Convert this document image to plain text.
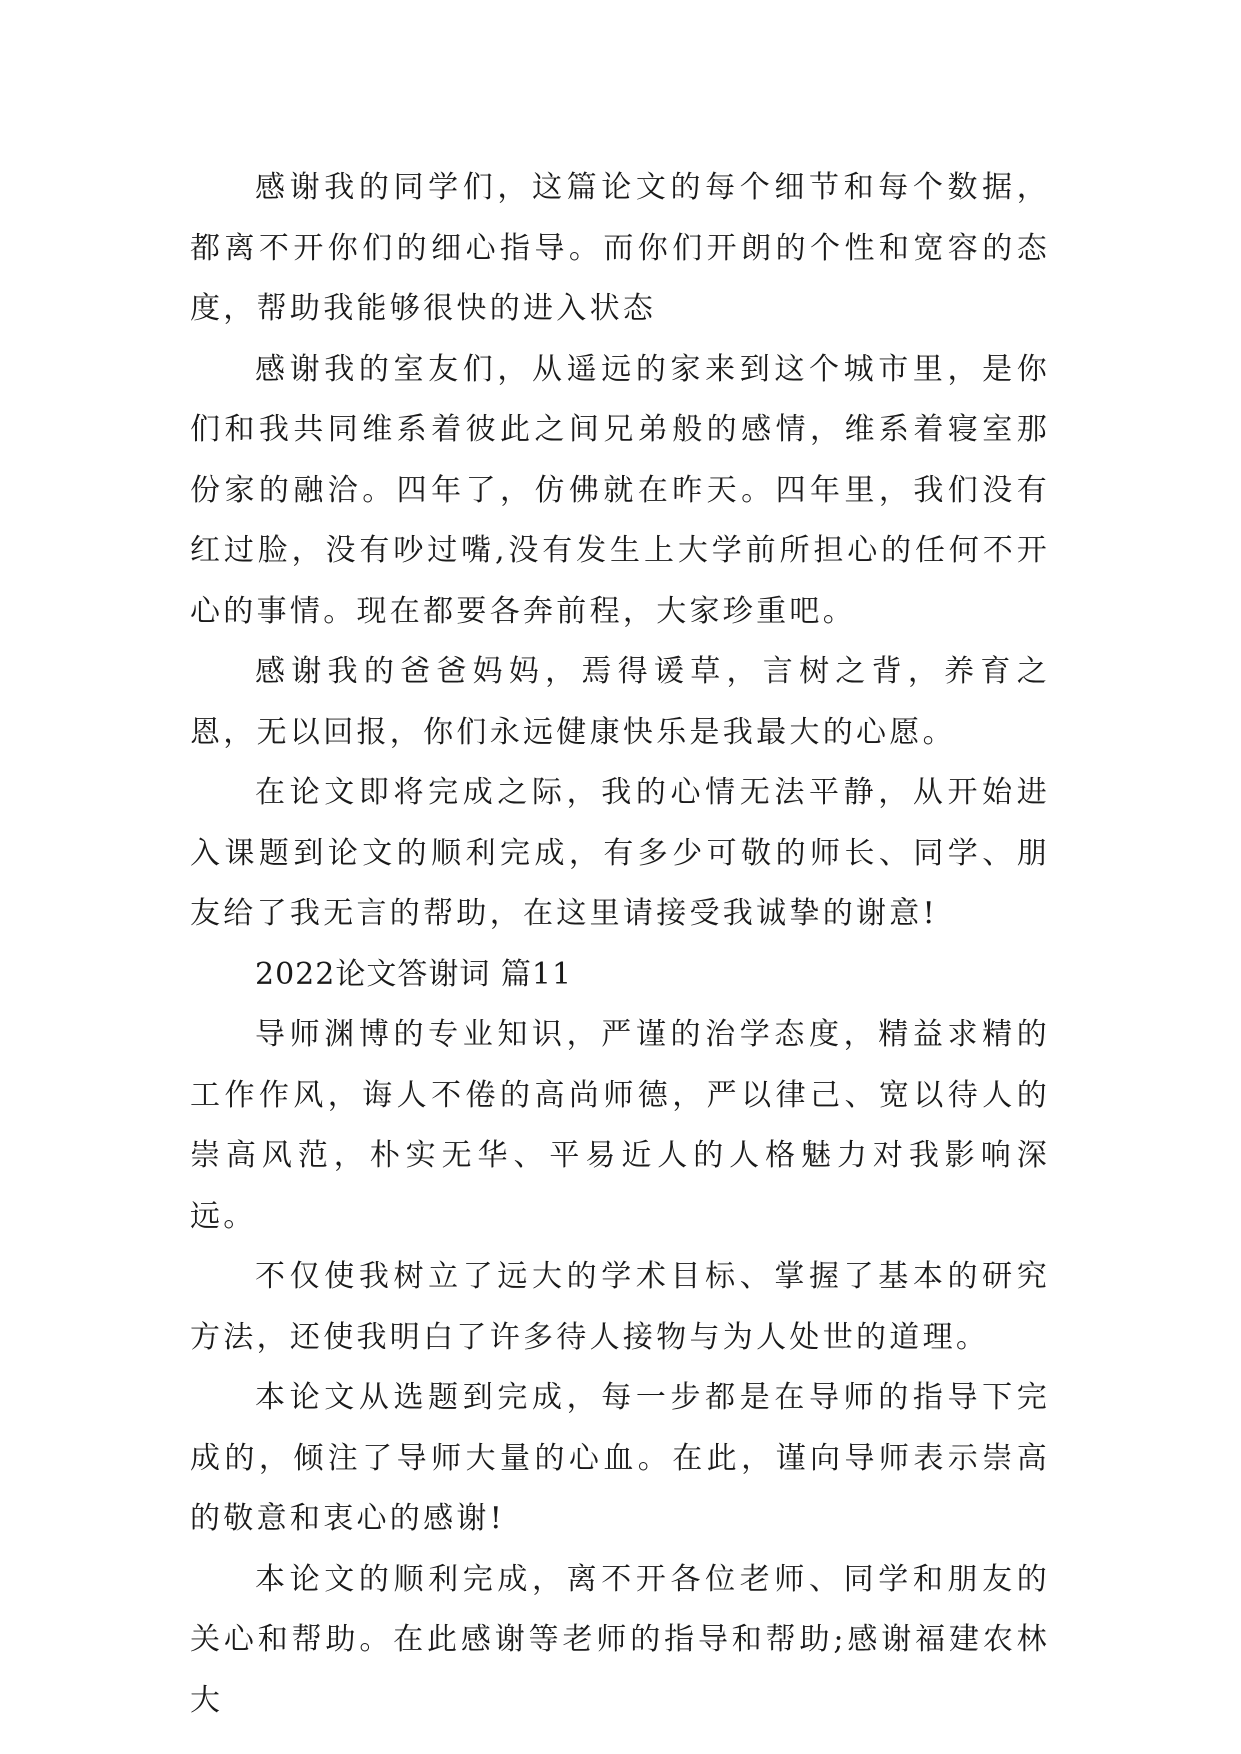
感谢我的同学们，这篇论文的每个细节和每个数据，都离不开你们的细心指导。而你们开朗的个性和宽容的态度，帮助我能够很快的进入状态

感谢我的室友们，从遥远的家来到这个城市里，是你们和我共同维系着彼此之间兄弟般的感情，维系着寝室那份家的融洽。四年了，仿佛就在昨天。四年里，我们没有红过脸，没有吵过嘴,没有发生上大学前所担心的任何不开心的事情。现在都要各奔前程，大家珍重吧。

感谢我的爸爸妈妈，焉得谖草，言树之背，养育之恩，无以回报，你们永远健康快乐是我最大的心愿。

在论文即将完成之际，我的心情无法平静，从开始进入课题到论文的顺利完成，有多少可敬的师长、同学、朋友给了我无言的帮助，在这里请接受我诚挚的谢意!

2022论文答谢词 篇11

导师渊博的专业知识，严谨的治学态度，精益求精的工作作风，诲人不倦的高尚师德，严以律己、宽以待人的崇高风范，朴实无华、平易近人的人格魅力对我影响深远。

不仅使我树立了远大的学术目标、掌握了基本的研究方法，还使我明白了许多待人接物与为人处世的道理。

本论文从选题到完成，每一步都是在导师的指导下完成的，倾注了导师大量的心血。在此，谨向导师表示崇高的敬意和衷心的感谢!

本论文的顺利完成，离不开各位老师、同学和朋友的关心和帮助。在此感谢等老师的指导和帮助;感谢福建农林大
